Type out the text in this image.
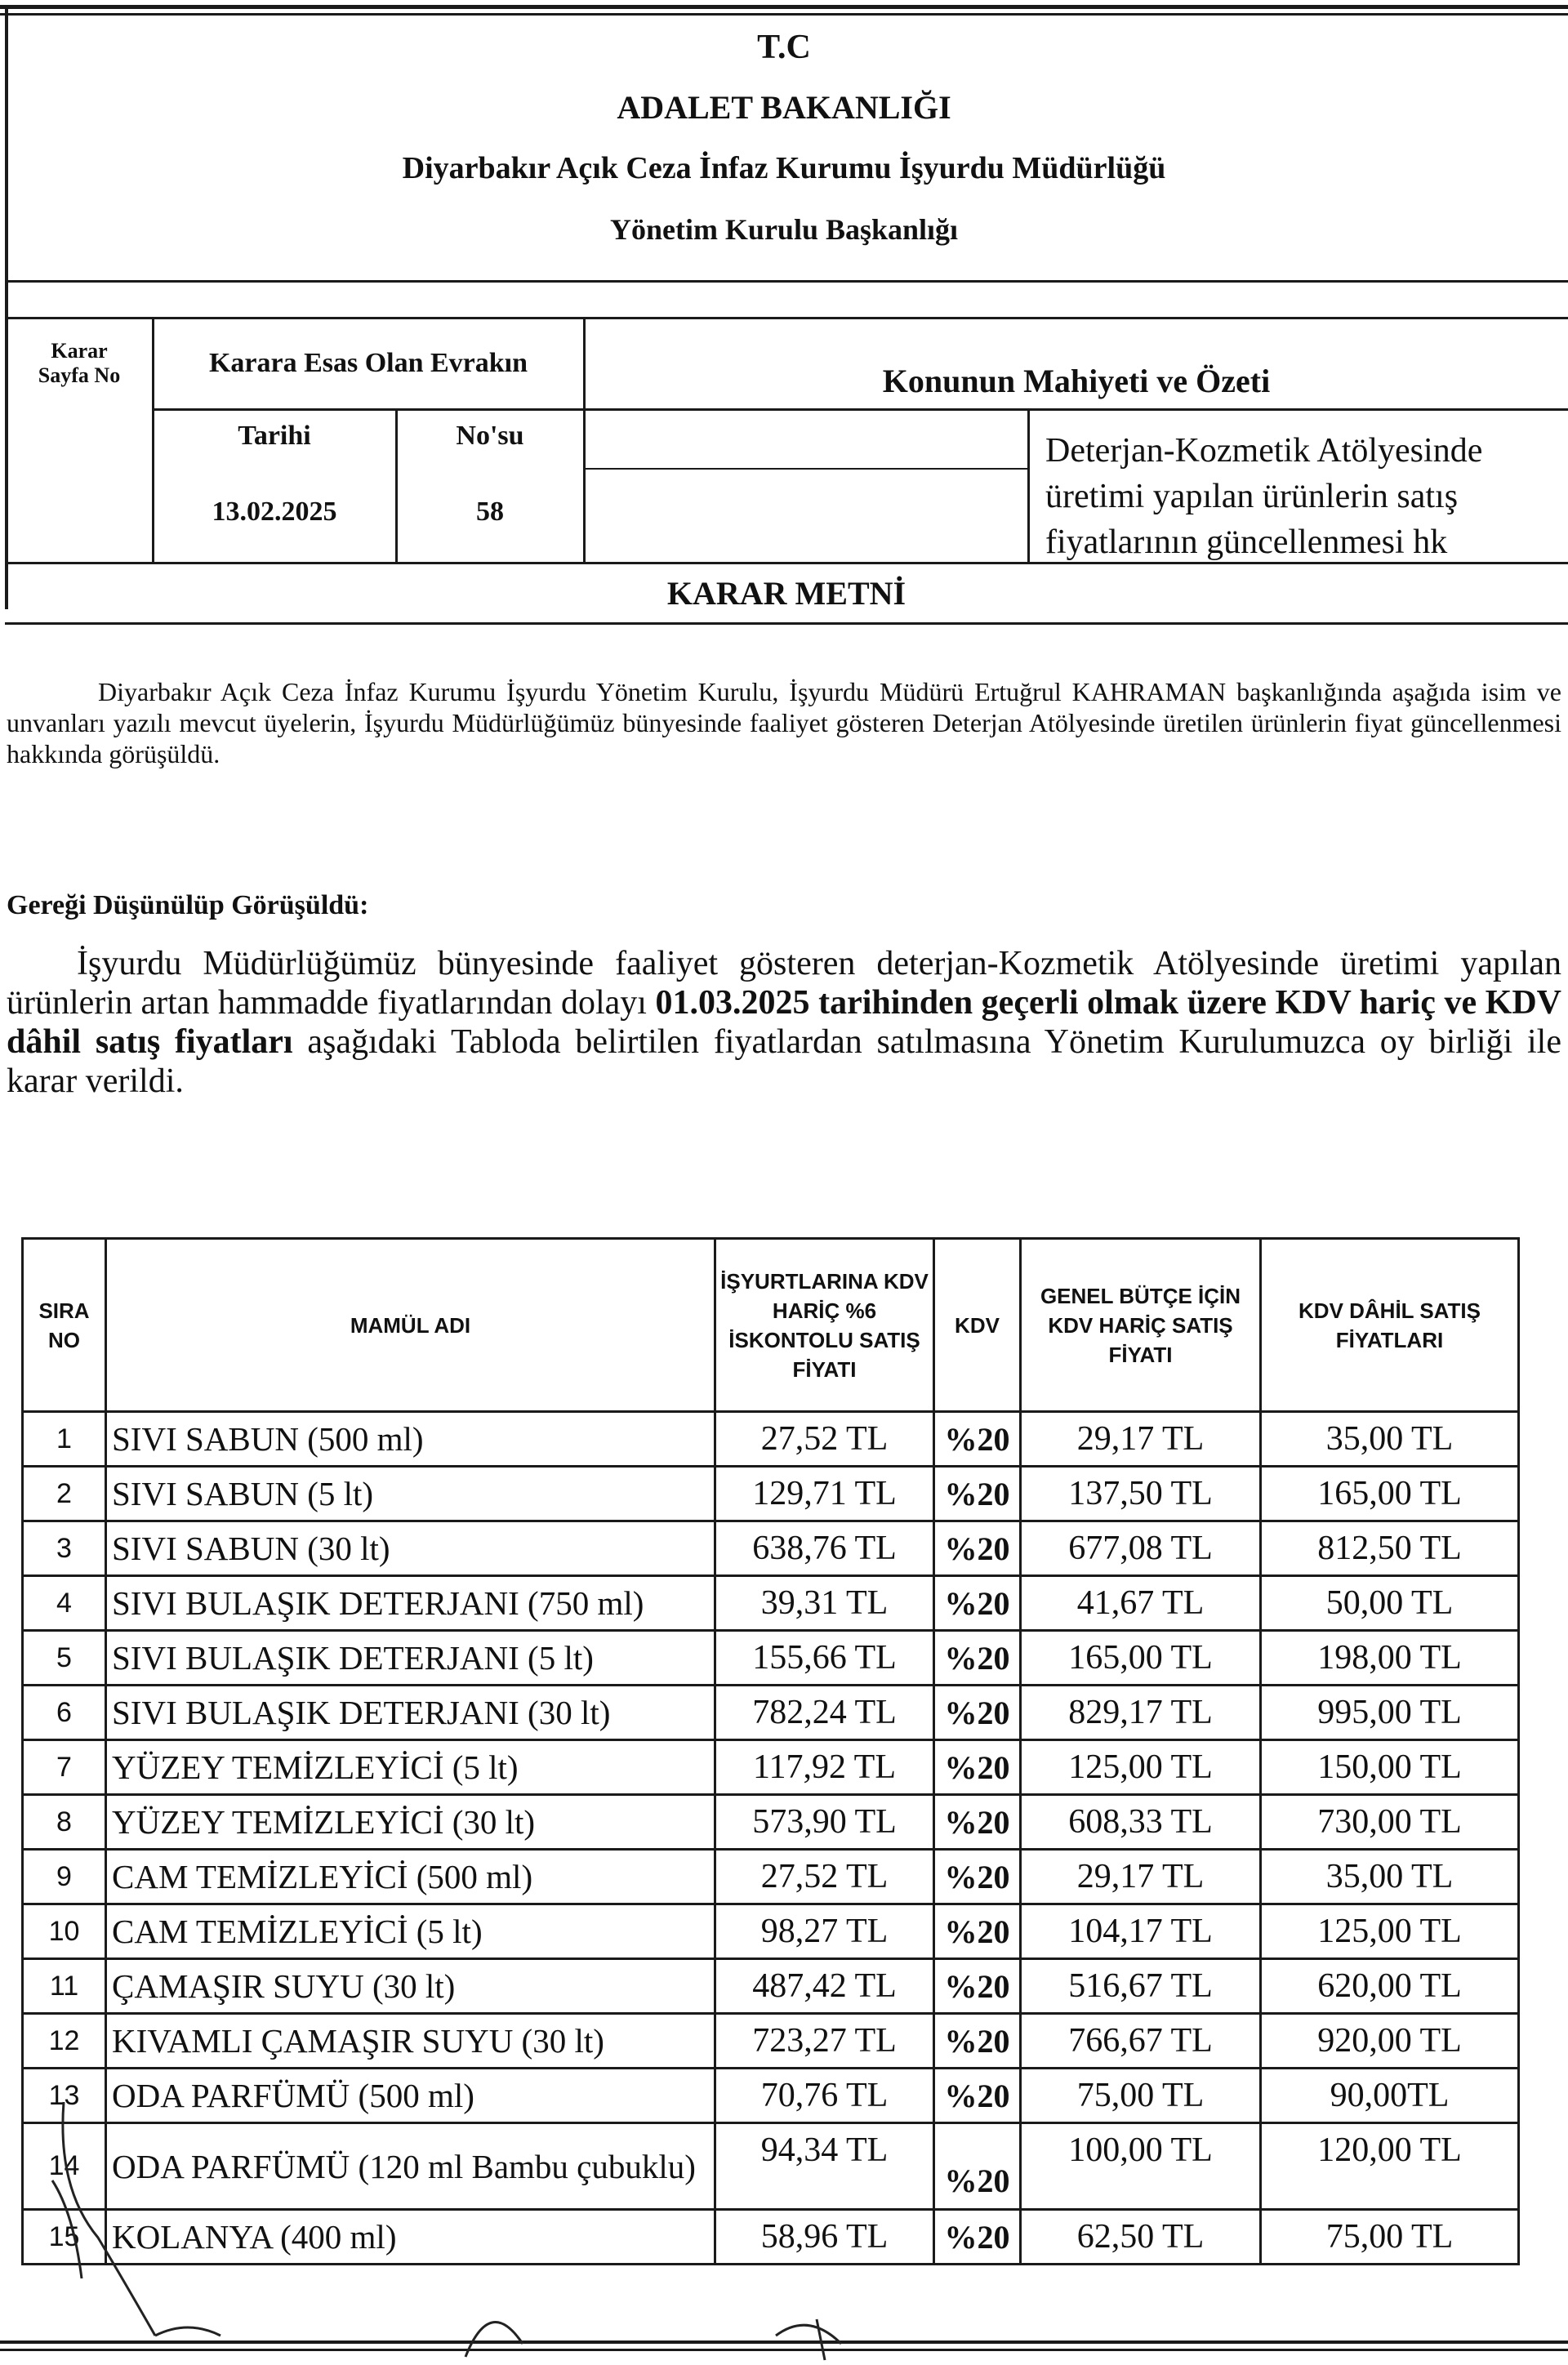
T.C
ADALET BAKANLIĞI
Diyarbakır Açık Ceza İnfaz Kurumu İşyurdu Müdürlüğü
Yönetim Kurulu Başkanlığı
Karar
Sayfa No	Karara Esas Olan Evrakın	Konunun Mahiyeti ve Özeti
Tarihi	No'su
13.02.2025	58
Deterjan-Kozmetik Atölyesinde
üretimi yapılan ürünlerin satış
fiyatlarının güncellenmesi hk
KARAR METNİ
Diyarbakır Açık Ceza İnfaz Kurumu İşyurdu Yönetim Kurulu, İşyurdu Müdürü Ertuğrul KAHRAMAN başkanlığında aşağıda isim ve unvanları yazılı mevcut üyelerin, İşyurdu Müdürlüğümüz bünyesinde faaliyet gösteren Deterjan Atölyesinde üretilen ürünlerin fiyat güncellenmesi hakkında görüşüldü.
Gereği Düşünülüp Görüşüldü:
İşyurdu Müdürlüğümüz bünyesinde faaliyet gösteren deterjan-Kozmetik Atölyesinde üretimi yapılan ürünlerin artan hammadde fiyatlarından dolayı 01.03.2025 tarihinden geçerli olmak üzere KDV hariç ve KDV dâhil satış fiyatları aşağıdaki Tabloda belirtilen fiyatlardan satılmasına Yönetim Kurulumuzca oy birliği ile karar verildi.
SIRA NO	MAMÜL ADI	İŞYURTLARINA KDV HARİÇ %6 İSKONTOLU SATIŞ FİYATI	KDV	GENEL BÜTÇE İÇİN KDV HARİÇ SATIŞ FİYATI	KDV DÂHİL SATIŞ FİYATLARI
1	SIVI SABUN (500 ml)	27,52 TL	%20	29,17 TL	35,00 TL
2	SIVI SABUN (5 lt)	129,71 TL	%20	137,50 TL	165,00 TL
3	SIVI SABUN (30 lt)	638,76 TL	%20	677,08 TL	812,50 TL
4	SIVI BULAŞIK DETERJANI (750 ml)	39,31 TL	%20	41,67 TL	50,00 TL
5	SIVI BULAŞIK DETERJANI (5 lt)	155,66 TL	%20	165,00 TL	198,00 TL
6	SIVI BULAŞIK DETERJANI (30 lt)	782,24 TL	%20	829,17 TL	995,00 TL
7	YÜZEY TEMİZLEYİCİ (5 lt)	117,92 TL	%20	125,00 TL	150,00 TL
8	YÜZEY TEMİZLEYİCİ (30 lt)	573,90 TL	%20	608,33 TL	730,00 TL
9	CAM TEMİZLEYİCİ (500 ml)	27,52 TL	%20	29,17 TL	35,00 TL
10	CAM TEMİZLEYİCİ (5 lt)	98,27 TL	%20	104,17 TL	125,00 TL
11	ÇAMAŞIR SUYU (30 lt)	487,42 TL	%20	516,67 TL	620,00 TL
12	KIVAMLI ÇAMAŞIR SUYU (30 lt)	723,27 TL	%20	766,67 TL	920,00 TL
13	ODA PARFÜMÜ (500 ml)	70,76 TL	%20	75,00 TL	90,00TL
14	ODA PARFÜMÜ (120 ml Bambu çubuklu)	94,34 TL	%20	100,00 TL	120,00 TL
15	KOLANYA (400 ml)	58,96 TL	%20	62,50 TL	75,00 TL
